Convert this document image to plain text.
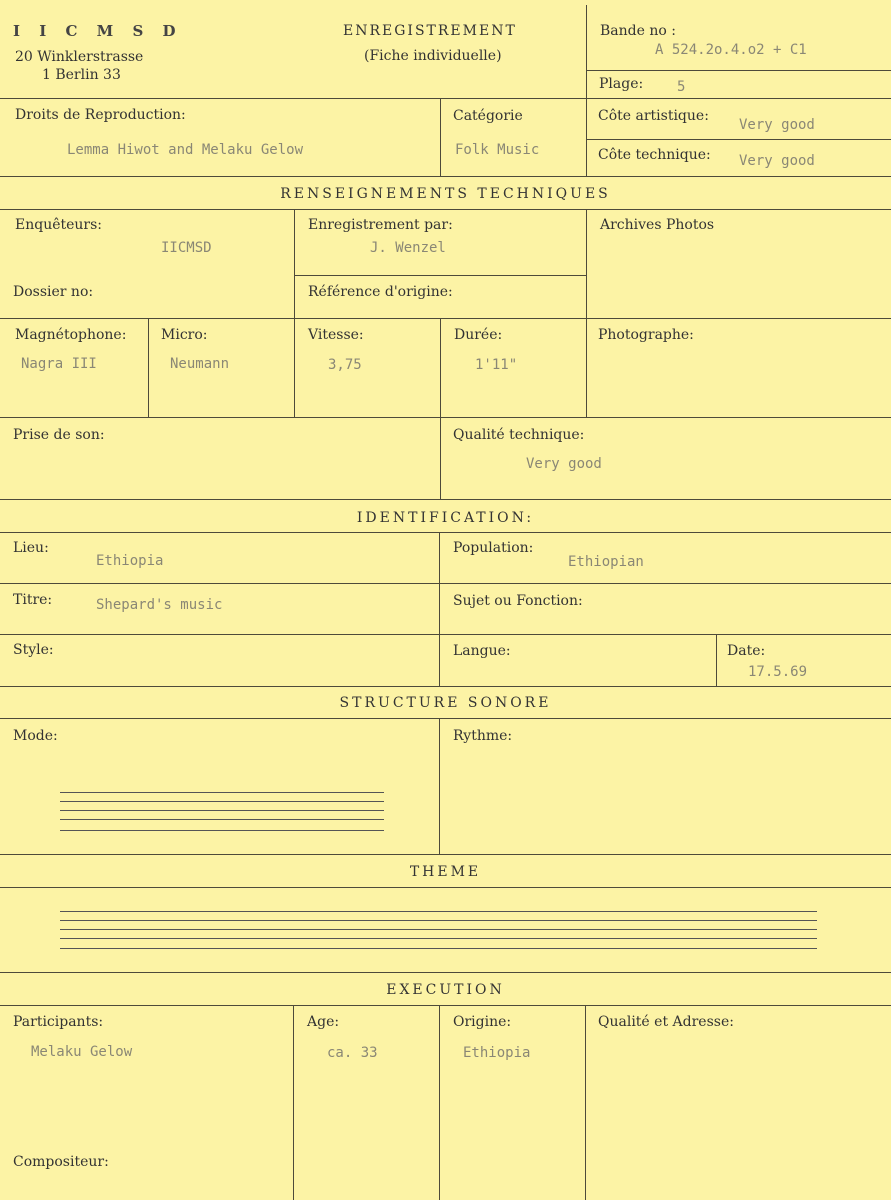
I I C M S D
20 Winklerstrasse
1 Berlin 33
ENREGISTREMENT
(Fiche individuelle)
Bande no :
A 524.2o.4.o2 + C1
Plage: 5
Droits de Reproduction:
Lemma Hiwot and Melaku Gelow
Catégorie
Folk Music
Côte artistique:
Very good
Côte technique: Very good
RENSEIGNEMENTS TECHNIQUES
Enquêteurs:
IICMSD
Enregistrement par:
J. Wenzel
Archives Photos
Dossier no:	Référence d'origine:
Magnétophone:
Nagra III
Micro:
Neumann
Vitesse:
3,75
Durée:
1'11"
Photographe:
Prise de son:	Qualité technique:
Very good
IDENTIFICATION:
Lieu:
Ethiopia
Population:
Ethiopian
Titre:	Shepard's music	Sujet ou Fonction:
Style:	Langue:	Date:
17.5.69
STRUCTURE SONORE
Mode:	Rythme:
THEME
EXECUTION
Participants:
Melaku Gelow
Age:
ca. 33
Origine:
Ethiopia
Qualité et Adresse:
Compositeur:
